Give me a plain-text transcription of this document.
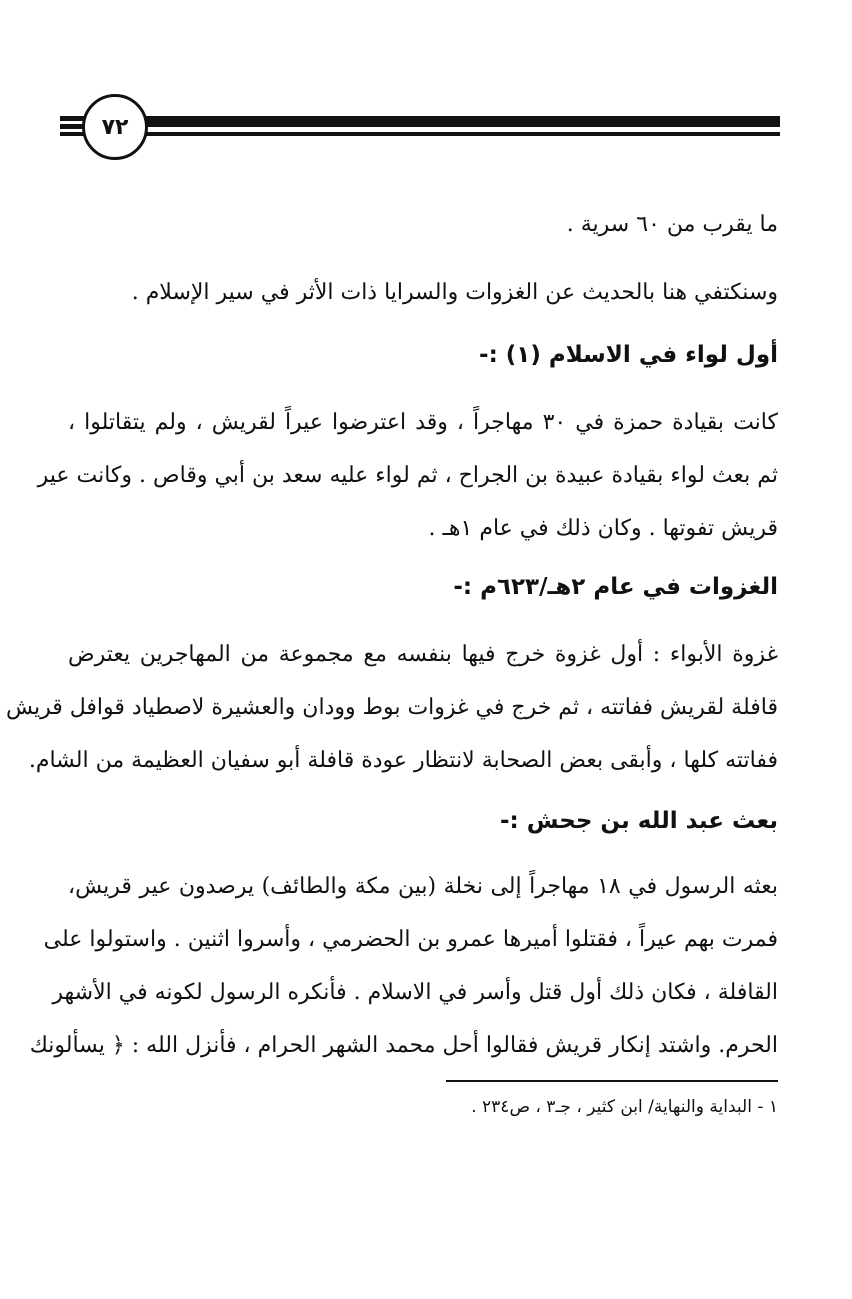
٧٢
ما يقرب من ٦٠ سرية .
وسنكتفي هنا بالحديث عن الغزوات والسرايا ذات الأثر في سير الإسلام .
أول لواء في الاسلام (١) :-
كانت بقيادة حمزة في ٣٠ مهاجراً ، وقد اعترضوا عيراً لقريش ، ولم يتقاتلوا ،
ثم بعث لواء بقيادة عبيدة بن الجراح ، ثم لواء عليه سعد بن أبي وقاص . وكانت عير
قريش تفوتها . وكان ذلك في عام ١هـ .
الغزوات في عام ٢هـ/٦٢٣م :-
غزوة الأبواء : أول غزوة خرج فيها بنفسه مع مجموعة من المهاجرين يعترض
قافلة لقريش ففاتته ، ثم خرج في غزوات بوط وودان والعشيرة لاصطياد قوافل قريش
ففاتته كلها ، وأبقى بعض الصحابة لانتظار عودة قافلة أبو سفيان العظيمة من الشام.
بعث عبد الله بن جحش :-
بعثه الرسول في ١٨ مهاجراً إلى نخلة (بين مكة والطائف) يرصدون عير قريش،
فمرت بهم عيراً ، فقتلوا أميرها عمرو بن الحضرمي ، وأسروا اثنين . واستولوا على
القافلة ، فكان ذلك أول قتل وأسر في الاسلام . فأنكره الرسول لكونه في الأشهر
الحرم. واشتد إنكار قريش فقالوا أحل محمد الشهر الحرام ، فأنزل الله : ﴿ يسألونك
١ - البداية والنهاية/ ابن كثير ، جـ٣ ، ص٢٣٤ .
